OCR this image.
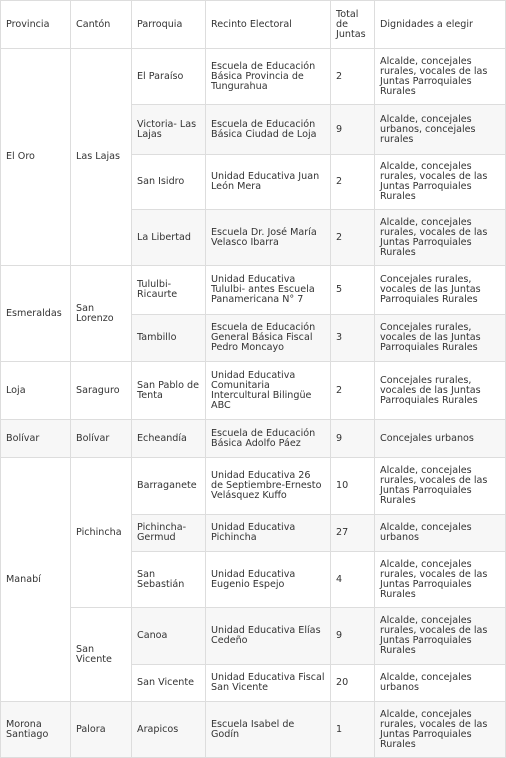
Provincia	Cantón	Parroquia	Recinto Electoral	Total de Juntas	Dignidades a elegir
El Oro	Las Lajas	El Paraíso	Escuela de Educación Básica Provincia de Tungurahua	2	Alcalde, concejales rurales, vocales de las Juntas Parroquiales Rurales
		Victoria- Las Lajas	Escuela de Educación Básica Ciudad de Loja	9	Alcalde, concejales urbanos, concejales rurales
		San Isidro	Unidad Educativa Juan León Mera	2	Alcalde, concejales rurales, vocales de las Juntas Parroquiales Rurales
		La Libertad	Escuela Dr. José María Velasco Ibarra	2	Alcalde, concejales rurales, vocales de las Juntas Parroquiales Rurales
Esmeraldas	San Lorenzo	Tululbi-Ricaurte	Unidad Educativa Tululbi- antes Escuela Panamericana N° 7	5	Concejales rurales, vocales de las Juntas Parroquiales Rurales
		Tambillo	Escuela de Educación General Básica Fiscal Pedro Moncayo	3	Concejales rurales, vocales de las Juntas Parroquiales Rurales
Loja	Saraguro	San Pablo de Tenta	Unidad Educativa Comunitaria Intercultural Bilingüe ABC	2	Concejales rurales, vocales de las Juntas Parroquiales Rurales
Bolívar	Bolívar	Echeandía	Escuela de Educación Básica Adolfo Páez	9	Concejales urbanos
Manabí	Pichincha	Barraganete	Unidad Educativa 26 de Septiembre-Ernesto Velásquez Kuffo	10	Alcalde, concejales rurales, vocales de las Juntas Parroquiales Rurales
		Pichincha-Germud	Unidad Educativa Pichincha	27	Alcalde, concejales urbanos
		San Sebastián	Unidad Educativa Eugenio Espejo	4	Alcalde, concejales rurales, vocales de las Juntas Parroquiales Rurales
	San Vicente	Canoa	Unidad Educativa Elías Cedeño	9	Alcalde, concejales rurales, vocales de las Juntas Parroquiales Rurales
		San Vicente	Unidad Educativa Fiscal San Vicente	20	Alcalde, concejales urbanos
Morona Santiago	Palora	Arapicos	Escuela Isabel de Godín	1	Alcalde, concejales rurales, vocales de las Juntas Parroquiales Rurales
